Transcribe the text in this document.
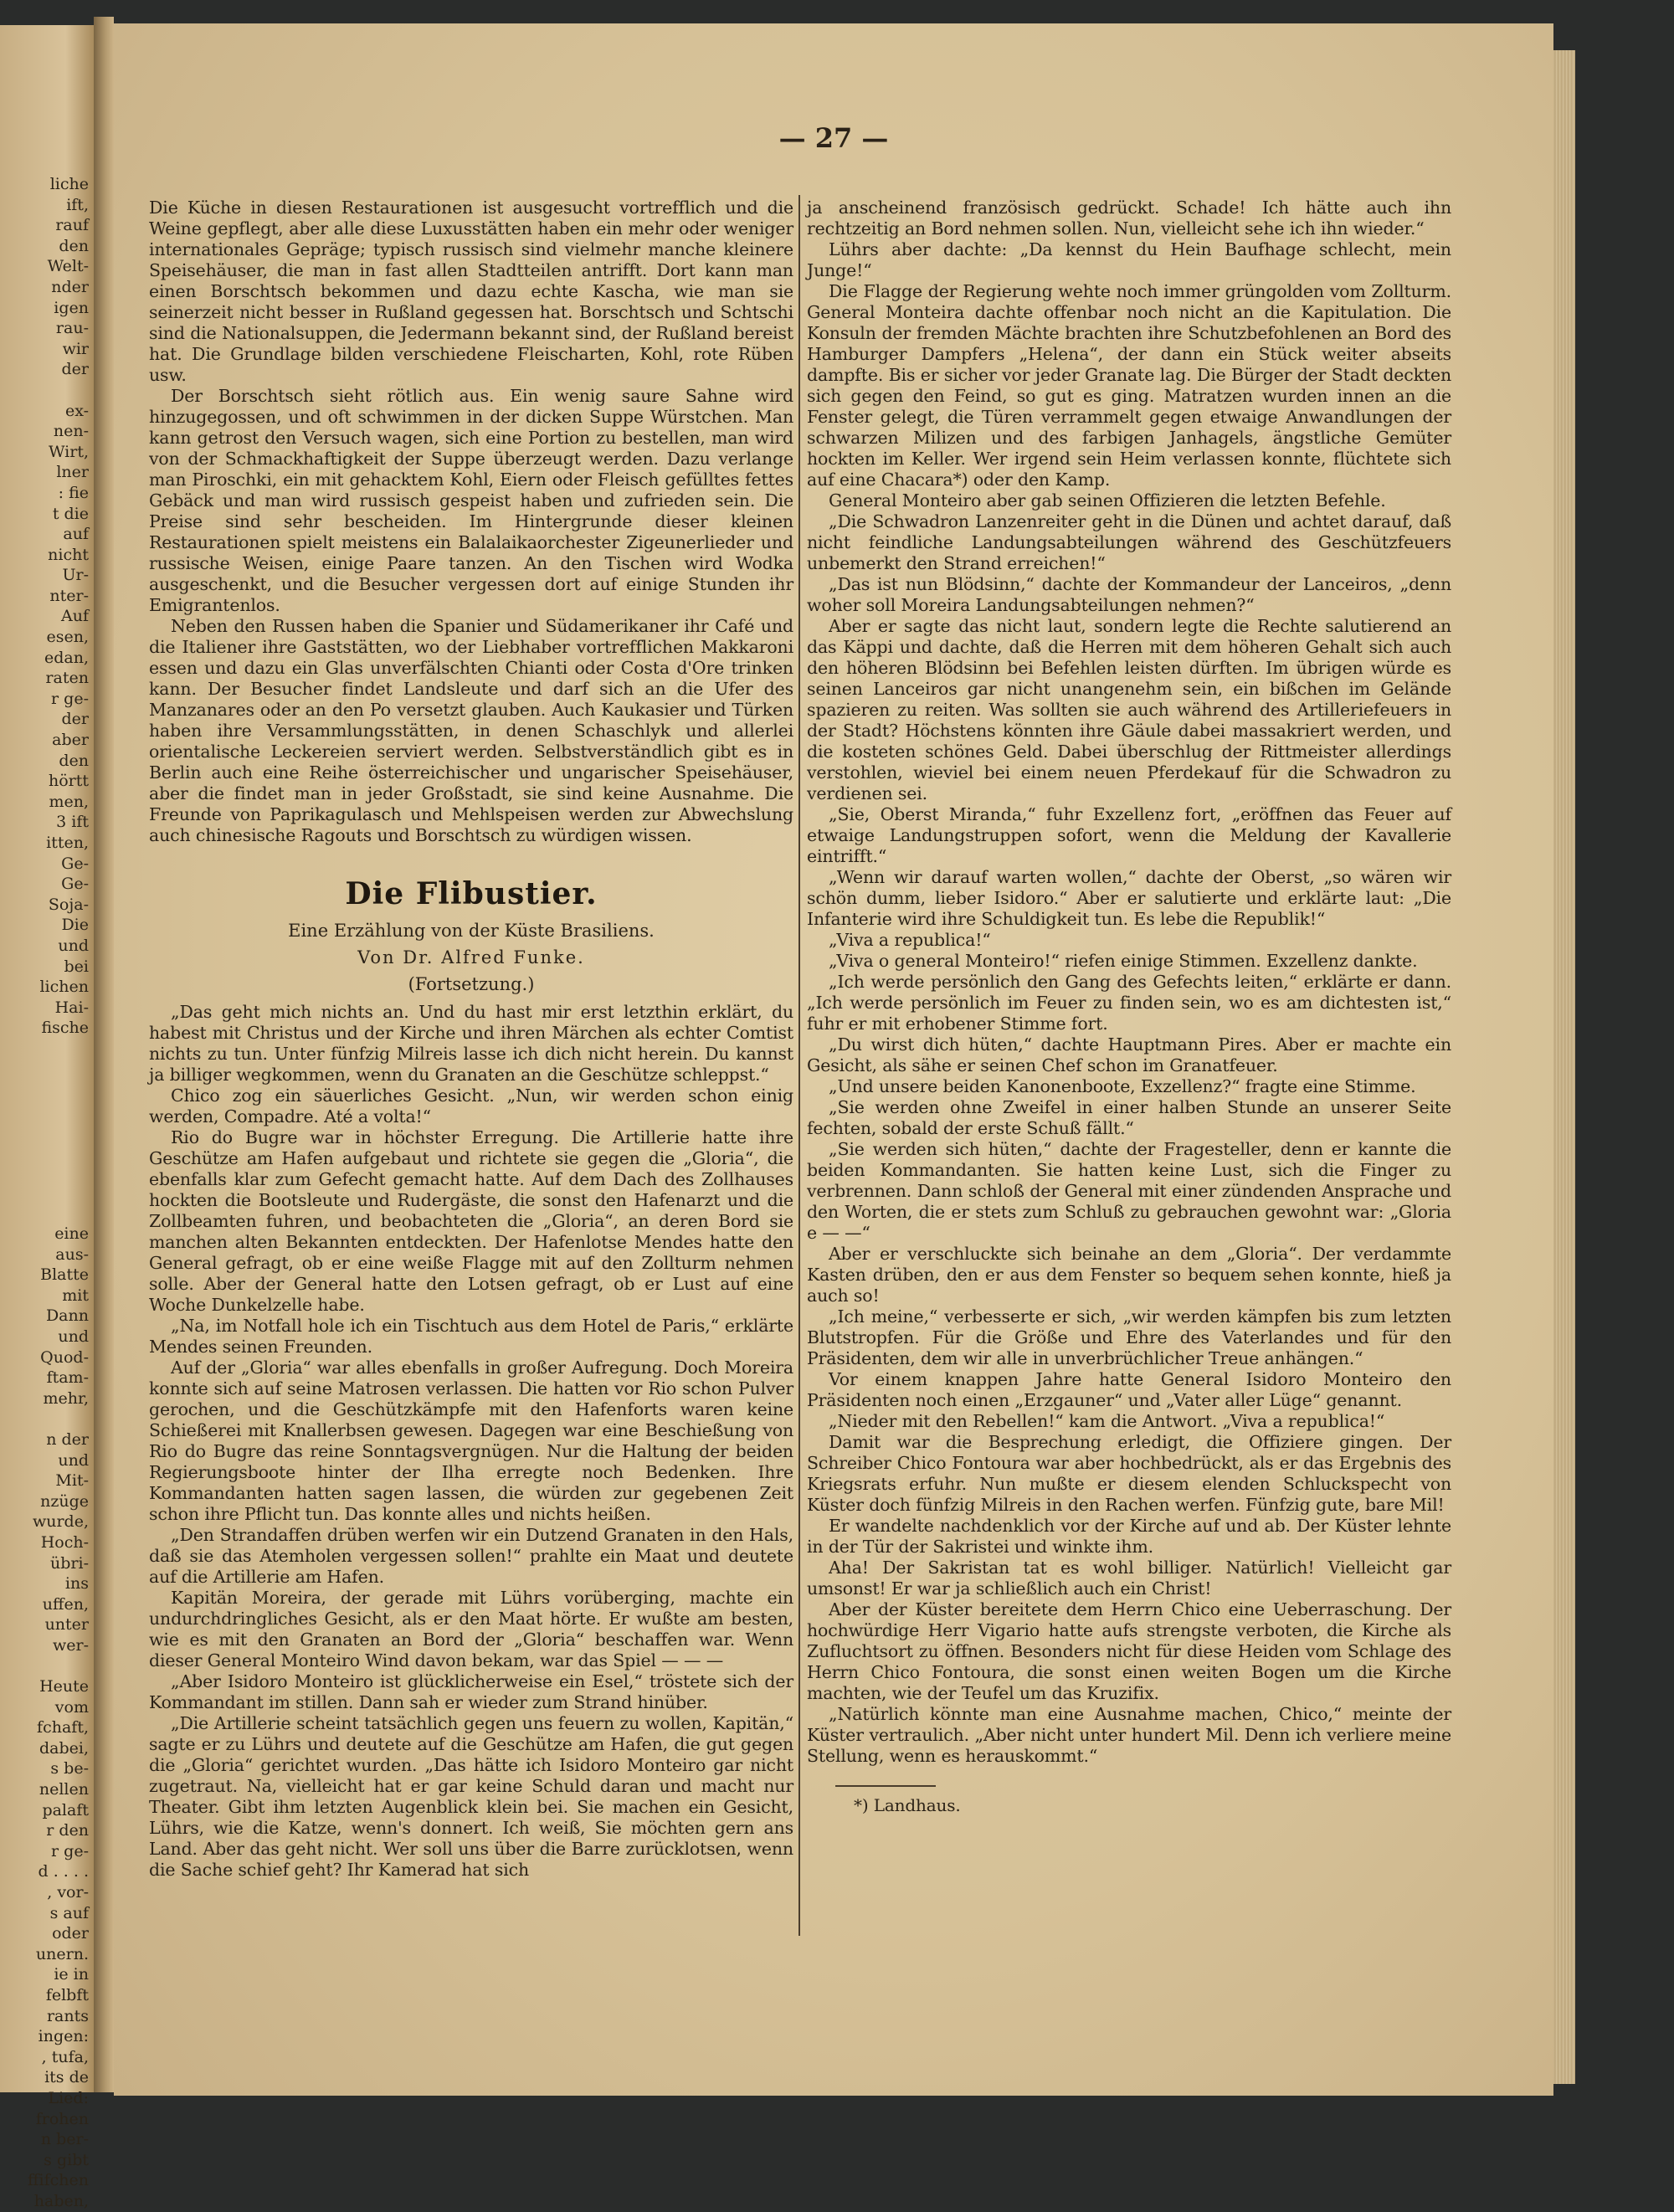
liche
ift,
rauf
den
Welt-
nder
igen
rau-
wir
der
ex-
nen-
Wirt,
lner
: fie
t die
auf
nicht
Ur-
nter-
Auf
esen,
edan,
raten
r ge-
der
aber
den
hörtt
men,
3 ift
itten,
Ge-
Ge-
Soja-
Die
und
bei
lichen
Hai-
fische
eine
aus-
Blatte
mit
Dann
und
Quod-
ftam-
mehr,
n der
und
Mit-
nzüge
wurde,
Hoch-
übri-
ins
uffen,
unter
wer-
Heute
vom
fchaft,
dabei,
s be-
nellen
palaft
r den
r ge-
d . . . .
, vor-
s auf
oder
unern.
ie in
felbft
rants
ingen:
, tufa,
its de
Lied:
frohen
n ber-
s gibt
ffifchen
haben,

— 27 —

Die Küche in diesen Restaurationen ist ausgesucht vortrefflich und die Weine gepflegt, aber alle diese Luxusstätten haben ein mehr oder weniger internationales Gepräge; typisch russisch sind vielmehr manche kleinere Speisehäuser, die man in fast allen Stadtteilen antrifft. Dort kann man einen Borschtsch bekommen und dazu echte Kascha, wie man sie seinerzeit nicht besser in Rußland gegessen hat. Borschtsch und Schtschi sind die Nationalsuppen, die Jedermann bekannt sind, der Rußland bereist hat. Die Grundlage bilden verschiedene Fleischarten, Kohl, rote Rüben usw.

Der Borschtsch sieht rötlich aus. Ein wenig saure Sahne wird hinzugegossen, und oft schwimmen in der dicken Suppe Würstchen. Man kann getrost den Versuch wagen, sich eine Portion zu bestellen, man wird von der Schmackhaftigkeit der Suppe überzeugt werden. Dazu verlange man Piroschki, ein mit gehacktem Kohl, Eiern oder Fleisch gefülltes fettes Gebäck und man wird russisch gespeist haben und zufrieden sein. Die Preise sind sehr bescheiden. Im Hintergrunde dieser kleinen Restaurationen spielt meistens ein Balalaikaorchester Zigeunerlieder und russische Weisen, einige Paare tanzen. An den Tischen wird Wodka ausgeschenkt, und die Besucher vergessen dort auf einige Stunden ihr Emigrantenlos.

Neben den Russen haben die Spanier und Südamerikaner ihr Café und die Italiener ihre Gaststätten, wo der Liebhaber vortrefflichen Makkaroni essen und dazu ein Glas unverfälschten Chianti oder Costa d'Ore trinken kann. Der Besucher findet Landsleute und darf sich an die Ufer des Manzanares oder an den Po versetzt glauben. Auch Kaukasier und Türken haben ihre Versammlungsstätten, in denen Schaschlyk und allerlei orientalische Leckereien serviert werden. Selbstverständlich gibt es in Berlin auch eine Reihe österreichischer und ungarischer Speisehäuser, aber die findet man in jeder Großstadt, sie sind keine Ausnahme. Die Freunde von Paprikagulasch und Mehlspeisen werden zur Abwechslung auch chinesische Ragouts und Borschtsch zu würdigen wissen.

Die Flibustier.
Eine Erzählung von der Küste Brasiliens.
Von Dr. Alfred Funke.
(Fortsetzung.)

„Das geht mich nichts an. Und du hast mir erst letzthin erklärt, du habest mit Christus und der Kirche und ihren Märchen als echter Comtist nichts zu tun. Unter fünfzig Milreis lasse ich dich nicht herein. Du kannst ja billiger wegkommen, wenn du Granaten an die Geschütze schleppst.“

Chico zog ein säuerliches Gesicht. „Nun, wir werden schon einig werden, Compadre. Até a volta!“

Rio do Bugre war in höchster Erregung. Die Artillerie hatte ihre Geschütze am Hafen aufgebaut und richtete sie gegen die „Gloria“, die ebenfalls klar zum Gefecht gemacht hatte. Auf dem Dach des Zollhauses hockten die Bootsleute und Rudergäste, die sonst den Hafenarzt und die Zollbeamten fuhren, und beobachteten die „Gloria“, an deren Bord sie manchen alten Bekannten entdeckten. Der Hafenlotse Mendes hatte den General gefragt, ob er eine weiße Flagge mit auf den Zollturm nehmen solle. Aber der General hatte den Lotsen gefragt, ob er Lust auf eine Woche Dunkelzelle habe.

„Na, im Notfall hole ich ein Tischtuch aus dem Hotel de Paris,“ erklärte Mendes seinen Freunden.

Auf der „Gloria“ war alles ebenfalls in großer Aufregung. Doch Moreira konnte sich auf seine Matrosen verlassen. Die hatten vor Rio schon Pulver gerochen, und die Geschützkämpfe mit den Hafenforts waren keine Schießerei mit Knallerbsen gewesen. Dagegen war eine Beschießung von Rio do Bugre das reine Sonntagsvergnügen. Nur die Haltung der beiden Regierungsboote hinter der Ilha erregte noch Bedenken. Ihre Kommandanten hatten sagen lassen, die würden zur gegebenen Zeit schon ihre Pflicht tun. Das konnte alles und nichts heißen.

„Den Strandaffen drüben werfen wir ein Dutzend Granaten in den Hals, daß sie das Atemholen vergessen sollen!“ prahlte ein Maat und deutete auf die Artillerie am Hafen.

Kapitän Moreira, der gerade mit Lührs vorüberging, machte ein undurchdringliches Gesicht, als er den Maat hörte. Er wußte am besten, wie es mit den Granaten an Bord der „Gloria“ beschaffen war. Wenn dieser General Monteiro Wind davon bekam, war das Spiel — — —

„Aber Isidoro Monteiro ist glücklicherweise ein Esel,“ tröstete sich der Kommandant im stillen. Dann sah er wieder zum Strand hinüber.

„Die Artillerie scheint tatsächlich gegen uns feuern zu wollen, Kapitän,“ sagte er zu Lührs und deutete auf die Geschütze am Hafen, die gut gegen die „Gloria“ gerichtet wurden. „Das hätte ich Isidoro Monteiro gar nicht zugetraut. Na, vielleicht hat er gar keine Schuld daran und macht nur Theater. Gibt ihm letzten Augenblick klein bei. Sie machen ein Gesicht, Lührs, wie die Katze, wenn's donnert. Ich weiß, Sie möchten gern ans Land. Aber das geht nicht. Wer soll uns über die Barre zurücklotsen, wenn die Sache schief geht? Ihr Kamerad hat sich

ja anscheinend französisch gedrückt. Schade! Ich hätte auch ihn rechtzeitig an Bord nehmen sollen. Nun, vielleicht sehe ich ihn wieder.“

Lührs aber dachte: „Da kennst du Hein Baufhage schlecht, mein Junge!“

Die Flagge der Regierung wehte noch immer grüngolden vom Zollturm. General Monteira dachte offenbar noch nicht an die Kapitulation. Die Konsuln der fremden Mächte brachten ihre Schutzbefohlenen an Bord des Hamburger Dampfers „Helena“, der dann ein Stück weiter abseits dampfte. Bis er sicher vor jeder Granate lag. Die Bürger der Stadt deckten sich gegen den Feind, so gut es ging. Matratzen wurden innen an die Fenster gelegt, die Türen verrammelt gegen etwaige Anwandlungen der schwarzen Milizen und des farbigen Janhagels, ängstliche Gemüter hockten im Keller. Wer irgend sein Heim verlassen konnte, flüchtete sich auf eine Chacara*) oder den Kamp.

General Monteiro aber gab seinen Offizieren die letzten Befehle.

„Die Schwadron Lanzenreiter geht in die Dünen und achtet darauf, daß nicht feindliche Landungsabteilungen während des Geschützfeuers unbemerkt den Strand erreichen!“

„Das ist nun Blödsinn,“ dachte der Kommandeur der Lanceiros, „denn woher soll Moreira Landungsabteilungen nehmen?“

Aber er sagte das nicht laut, sondern legte die Rechte salutierend an das Käppi und dachte, daß die Herren mit dem höheren Gehalt sich auch den höheren Blödsinn bei Befehlen leisten dürften. Im übrigen würde es seinen Lanceiros gar nicht unangenehm sein, ein bißchen im Gelände spazieren zu reiten. Was sollten sie auch während des Artilleriefeuers in der Stadt? Höchstens könnten ihre Gäule dabei massakriert werden, und die kosteten schönes Geld. Dabei überschlug der Rittmeister allerdings verstohlen, wieviel bei einem neuen Pferdekauf für die Schwadron zu verdienen sei.

„Sie, Oberst Miranda,“ fuhr Exzellenz fort, „eröffnen das Feuer auf etwaige Landungstruppen sofort, wenn die Meldung der Kavallerie eintrifft.“

„Wenn wir darauf warten wollen,“ dachte der Oberst, „so wären wir schön dumm, lieber Isidoro.“ Aber er salutierte und erklärte laut: „Die Infanterie wird ihre Schuldigkeit tun. Es lebe die Republik!“

„Viva a republica!“

„Viva o general Monteiro!“ riefen einige Stimmen. Exzellenz dankte.

„Ich werde persönlich den Gang des Gefechts leiten,“ erklärte er dann. „Ich werde persönlich im Feuer zu finden sein, wo es am dichtesten ist,“ fuhr er mit erhobener Stimme fort.

„Du wirst dich hüten,“ dachte Hauptmann Pires. Aber er machte ein Gesicht, als sähe er seinen Chef schon im Granatfeuer.

„Und unsere beiden Kanonenboote, Exzellenz?“ fragte eine Stimme.

„Sie werden ohne Zweifel in einer halben Stunde an unserer Seite fechten, sobald der erste Schuß fällt.“

„Sie werden sich hüten,“ dachte der Fragesteller, denn er kannte die beiden Kommandanten. Sie hatten keine Lust, sich die Finger zu verbrennen. Dann schloß der General mit einer zündenden Ansprache und den Worten, die er stets zum Schluß zu gebrauchen gewohnt war: „Gloria e — —“

Aber er verschluckte sich beinahe an dem „Gloria“. Der verdammte Kasten drüben, den er aus dem Fenster so bequem sehen konnte, hieß ja auch so!

„Ich meine,“ verbesserte er sich, „wir werden kämpfen bis zum letzten Blutstropfen. Für die Größe und Ehre des Vaterlandes und für den Präsidenten, dem wir alle in unverbrüchlicher Treue anhängen.“

Vor einem knappen Jahre hatte General Isidoro Monteiro den Präsidenten noch einen „Erzgauner“ und „Vater aller Lüge“ genannt.

„Nieder mit den Rebellen!“ kam die Antwort. „Viva a republica!“

Damit war die Besprechung erledigt, die Offiziere gingen. Der Schreiber Chico Fontoura war aber hochbedrückt, als er das Ergebnis des Kriegsrats erfuhr. Nun mußte er diesem elenden Schluckspecht von Küster doch fünfzig Milreis in den Rachen werfen. Fünfzig gute, bare Mil!

Er wandelte nachdenklich vor der Kirche auf und ab. Der Küster lehnte in der Tür der Sakristei und winkte ihm.

Aha! Der Sakristan tat es wohl billiger. Natürlich! Vielleicht gar umsonst! Er war ja schließlich auch ein Christ!

Aber der Küster bereitete dem Herrn Chico eine Ueberraschung. Der hochwürdige Herr Vigario hatte aufs strengste verboten, die Kirche als Zufluchtsort zu öffnen. Besonders nicht für diese Heiden vom Schlage des Herrn Chico Fontoura, die sonst einen weiten Bogen um die Kirche machten, wie der Teufel um das Kruzifix.

„Natürlich könnte man eine Ausnahme machen, Chico,“ meinte der Küster vertraulich. „Aber nicht unter hundert Mil. Denn ich verliere meine Stellung, wenn es herauskommt.“

*) Landhaus.
